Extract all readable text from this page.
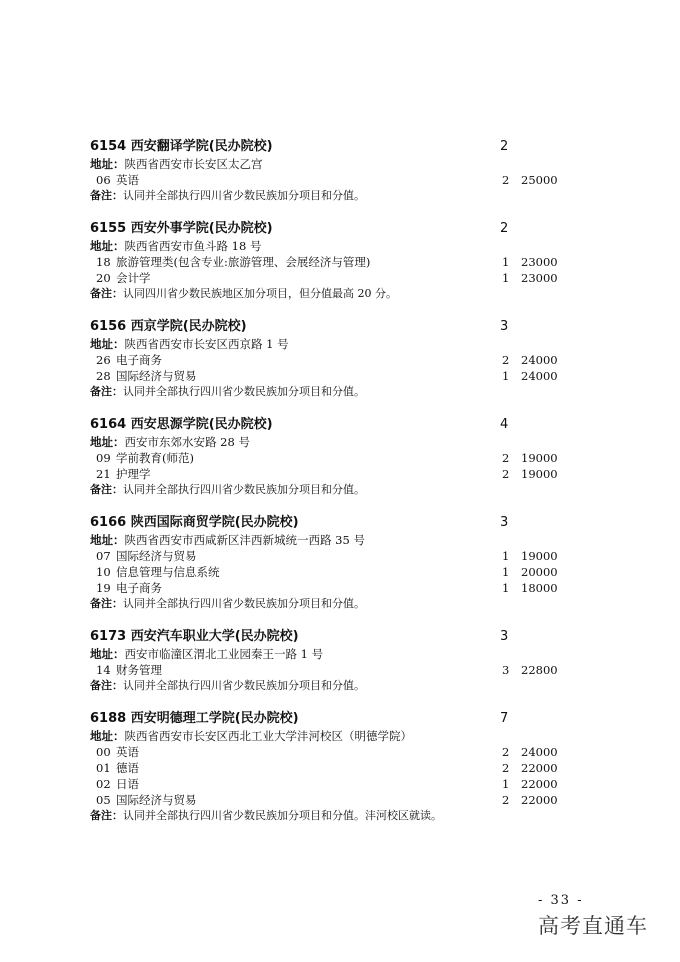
6154 西安翻译学院(民办院校)	2
地址：陕西省西安市长安区太乙宫
06 英语	2 25000
备注：认同并全部执行四川省少数民族加分项目和分值。
6155 西安外事学院(民办院校)	2
地址：陕西省西安市鱼斗路 18 号
18 旅游管理类(包含专业:旅游管理、会展经济与管理)	1 23000
20 会计学	1 23000
备注：认同四川省少数民族地区加分项目，但分值最高 20 分。
6156 西京学院(民办院校)	3
地址：陕西省西安市长安区西京路 1 号
26 电子商务	2 24000
28 国际经济与贸易	1 24000
备注：认同并全部执行四川省少数民族加分项目和分值。
6164 西安思源学院(民办院校)	4
地址：西安市东郊水安路 28 号
09 学前教育(师范)	2 19000
21 护理学	2 19000
备注：认同并全部执行四川省少数民族加分项目和分值。
6166 陕西国际商贸学院(民办院校)	3
地址：陕西省西安市西咸新区沣西新城统一西路 35 号
07 国际经济与贸易	1 19000
10 信息管理与信息系统	1 20000
19 电子商务	1 18000
备注：认同并全部执行四川省少数民族加分项目和分值。
6173 西安汽车职业大学(民办院校)	3
地址：西安市临潼区渭北工业园秦王一路 1 号
14 财务管理	3 22800
备注：认同并全部执行四川省少数民族加分项目和分值。
6188 西安明德理工学院(民办院校)	7
地址：陕西省西安市长安区西北工业大学沣河校区（明德学院）
00 英语	2 24000
01 德语	2 22000
02 日语	1 22000
05 国际经济与贸易	2 22000
备注：认同并全部执行四川省少数民族加分项目和分值。沣河校区就读。
- 33 -
高考直通车
